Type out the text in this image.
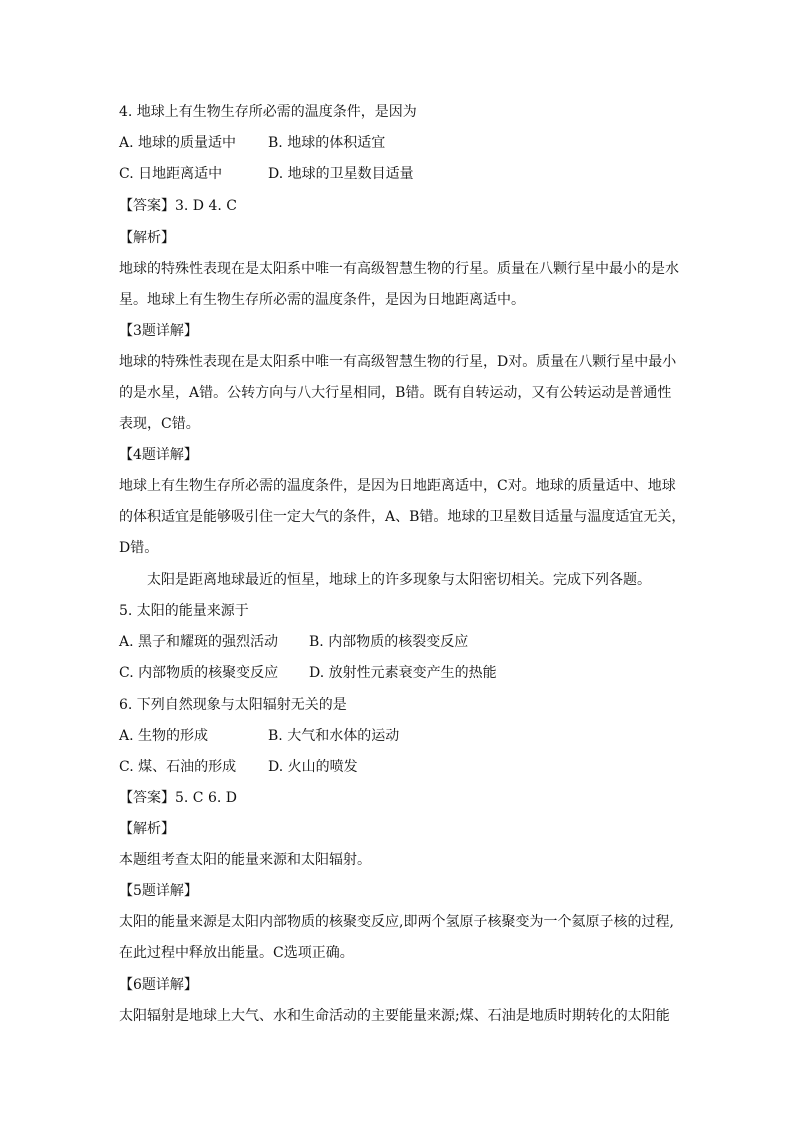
4. 地球上有生物生存所必需的温度条件，是因为
A. 地球的质量适中 B. 地球的体积适宜
C. 日地距离适中	D. 地球的卫星数目适量
【答案】3. D 4. C
【解析】
地球的特殊性表现在是太阳系中唯一有高级智慧生物的行星。质量在八颗行星中最小的是水
星。地球上有生物生存所必需的温度条件，是因为日地距离适中。
【3题详解】
地球的特殊性表现在是太阳系中唯一有高级智慧生物的行星，D对。质量在八颗行星中最小
的是水星，A错。公转方向与八大行星相同，B错。既有自转运动，又有公转运动是普通性
表现，C错。
【4题详解】
地球上有生物生存所必需的温度条件，是因为日地距离适中，C对。地球的质量适中、地球
的体积适宜是能够吸引住一定大气的条件，A、B错。地球的卫星数目适量与温度适宜无关，
D错。
太阳是距离地球最近的恒星，地球上的许多现象与太阳密切相关。完成下列各题。
5. 太阳的能量来源于
A. 黑子和耀斑的强烈活动 B. 内部物质的核裂变反应
C. 内部物质的核聚变反应 D. 放射性元素衰变产生的热能
6. 下列自然现象与太阳辐射无关的是
A. 生物的形成	B. 大气和水体的运动
C. 煤、石油的形成 D. 火山的喷发
【答案】5. C 6. D
【解析】
本题组考查太阳的能量来源和太阳辐射。
【5题详解】
太阳的能量来源是太阳内部物质的核聚变反应,即两个氢原子核聚变为一个氦原子核的过程,
在此过程中释放出能量。C选项正确。
【6题详解】
太阳辐射是地球上大气、水和生命活动的主要能量来源;煤、石油是地质时期转化的太阳能
